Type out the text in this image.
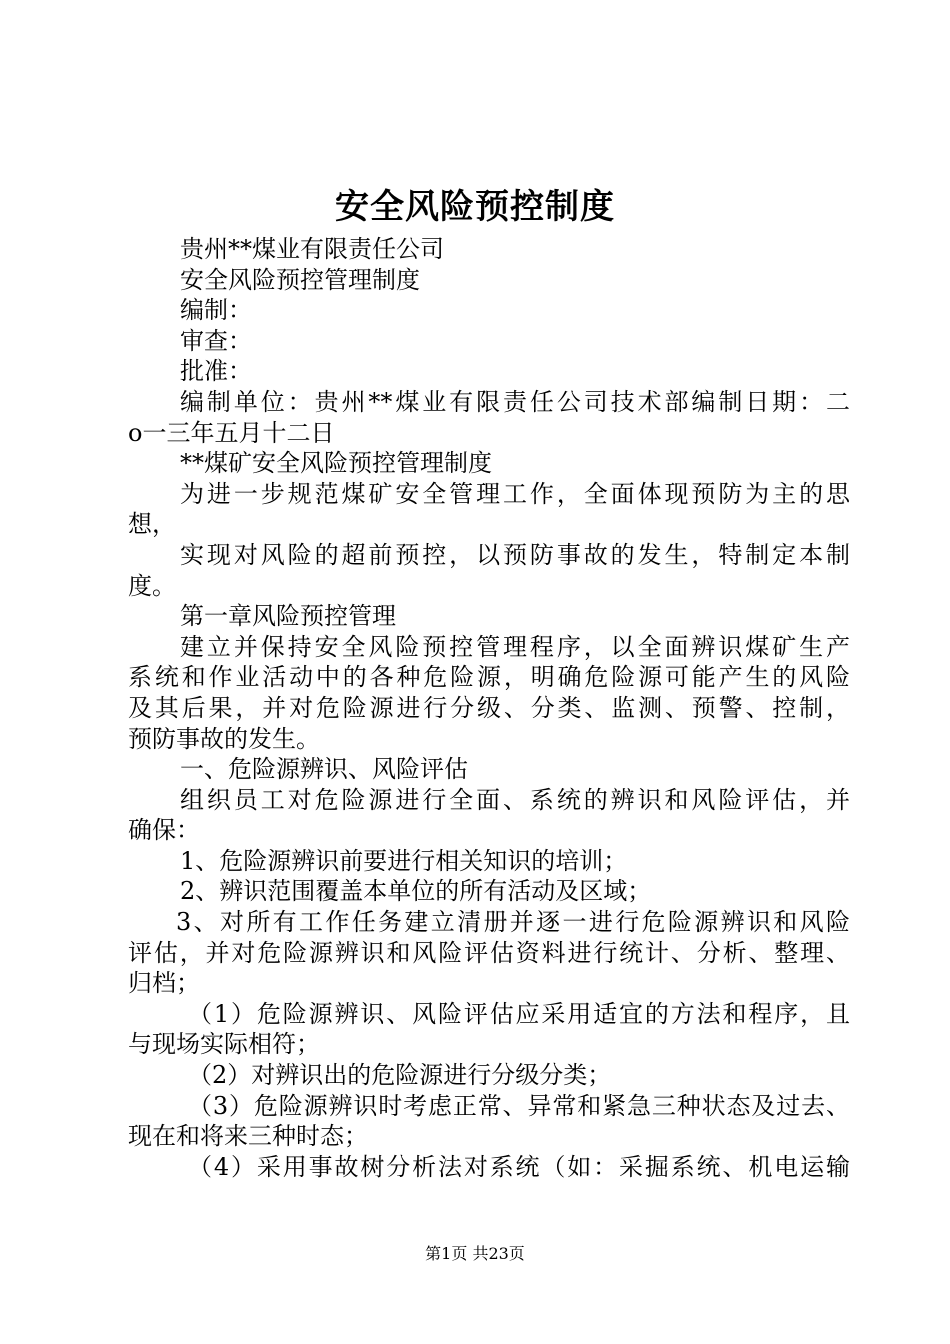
安全风险预控制度
贵州**煤业有限责任公司
安全风险预控管理制度
编制：
审查：
批准：
编制单位：贵州**煤业有限责任公司技术部编制日期：二
o一三年五月十二日
**煤矿安全风险预控管理制度
为进一步规范煤矿安全管理工作，全面体现预防为主的思
想，
实现对风险的超前预控，以预防事故的发生，特制定本制
度。
第一章风险预控管理
建立并保持安全风险预控管理程序，以全面辨识煤矿生产
系统和作业活动中的各种危险源，明确危险源可能产生的风险
及其后果，并对危险源进行分级、分类、监测、预警、控制，
预防事故的发生。
一、危险源辨识、风险评估
组织员工对危险源进行全面、系统的辨识和风险评估，并
确保：
1、危险源辨识前要进行相关知识的培训；
2、辨识范围覆盖本单位的所有活动及区域；
3、对所有工作任务建立清册并逐一进行危险源辨识和风险
评估，并对危险源辨识和风险评估资料进行统计、分析、整理、
归档；
（1）危险源辨识、风险评估应采用适宜的方法和程序，且
与现场实际相符；
（2）对辨识出的危险源进行分级分类；
（3）危险源辨识时考虑正常、异常和紧急三种状态及过去、
现在和将来三种时态；
（4）采用事故树分析法对系统（如：采掘系统、机电运输
第1页 共23页
